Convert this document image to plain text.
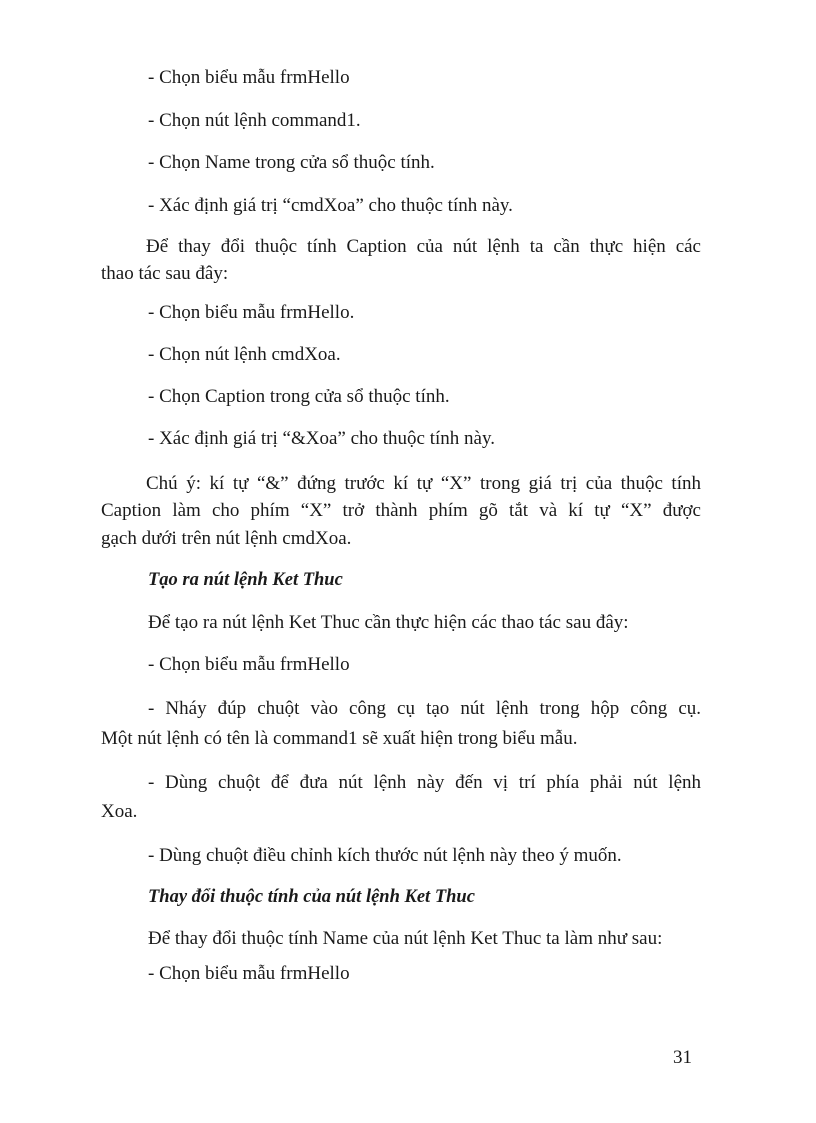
- Chọn biểu mẫu frmHello
- Chọn nút lệnh command1.
- Chọn Name trong cửa sổ thuộc tính.
- Xác định giá trị “cmdXoa” cho thuộc tính này.
Để thay đổi thuộc tính Caption của nút lệnh ta cần thực hiện các
thao tác sau đây:
- Chọn biểu mẫu frmHello.
- Chọn nút lệnh cmdXoa.
- Chọn Caption trong cửa sổ thuộc tính.
- Xác định giá trị “&Xoa” cho thuộc tính này.
Chú ý: kí tự “&” đứng trước kí tự “X” trong giá trị của thuộc tính
Caption làm cho phím “X” trở thành phím gõ tắt và kí tự “X” được
gạch dưới trên nút lệnh cmdXoa.
Tạo ra nút lệnh Ket Thuc
Để tạo ra nút lệnh Ket Thuc cần thực hiện các thao tác sau đây:
- Chọn biểu mẫu frmHello
- Nháy đúp chuột vào công cụ tạo nút lệnh trong hộp công cụ.
Một nút lệnh có tên là command1 sẽ xuất hiện trong biểu mẫu.
- Dùng chuột để đưa nút lệnh này đến vị trí phía phải nút lệnh
Xoa.
- Dùng chuột điều chỉnh kích thước nút lệnh này theo ý muốn.
Thay đổi thuộc tính của nút lệnh Ket Thuc
Để thay đổi thuộc tính Name của nút lệnh Ket Thuc ta làm như sau:
- Chọn biểu mẫu frmHello
31
